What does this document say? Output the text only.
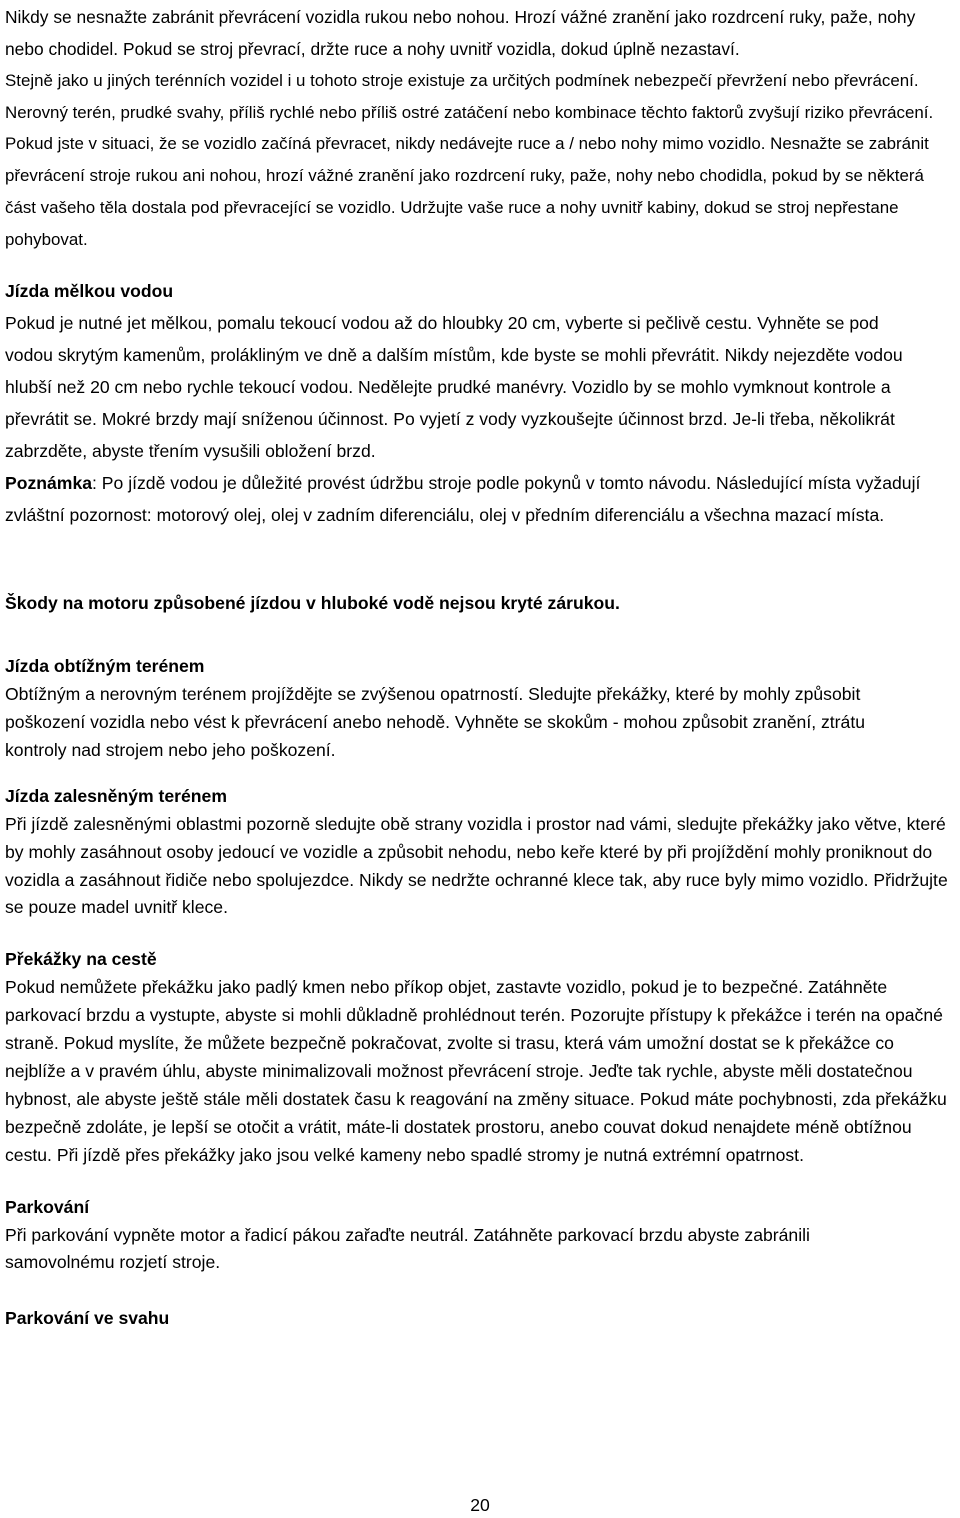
Nikdy se nesnažte zabránit převrácení vozidla rukou nebo nohou. Hrozí vážné zranění jako rozdrcení ruky, paže, nohy nebo chodidel. Pokud se stroj převrací, držte ruce a nohy uvnitř vozidla, dokud úplně nezastaví.

Stejně jako u jiných terénních vozidel i u tohoto stroje existuje za určitých podmínek nebezpečí převržení nebo převrácení. Nerovný terén, prudké svahy, příliš rychlé nebo příliš ostré zatáčení nebo kombinace těchto faktorů zvyšují riziko převrácení. Pokud jste v situaci, že se vozidlo začíná převracet, nikdy nedávejte ruce a / nebo nohy mimo vozidlo. Nesnažte se zabránit převrácení stroje rukou ani nohou, hrozí vážné zranění jako rozdrcení ruky, paže, nohy nebo chodidla, pokud by se některá část vašeho těla dostala pod převracející se vozidlo. Udržujte vaše ruce a nohy uvnitř kabiny, dokud se stroj nepřestane pohybovat.

Jízda mělkou vodou

Pokud je nutné jet mělkou, pomalu tekoucí vodou až do hloubky 20 cm, vyberte si pečlivě cestu. Vyhněte se pod vodou skrytým kamenům, prolákliným ve dně a dalším místům, kde byste se mohli převrátit. Nikdy nejezděte vodou hlubší než 20 cm nebo rychle tekoucí vodou. Nedělejte prudké manévry. Vozidlo by se mohlo vymknout kontrole a převrátit se. Mokré brzdy mají sníženou účinnost. Po vyjetí z vody vyzkoušejte účinnost brzd. Je-li třeba, několikrát zabrzděte, abyste třením vysušili obložení brzd.

Poznámka: Po jízdě vodou je důležité provést údržbu stroje podle pokynů v tomto návodu. Následující místa vyžadují zvláštní pozornost: motorový olej, olej v zadním diferenciálu, olej v předním diferenciálu a všechna mazací místa.

Škody na motoru způsobené jízdou v hluboké vodě nejsou kryté zárukou.

Jízda obtížným terénem

Obtížným a nerovným terénem projíždějte se zvýšenou opatrností. Sledujte překážky, které by mohly způsobit poškození vozidla nebo vést k převrácení anebo nehodě. Vyhněte se skokům - mohou způsobit zranění, ztrátu kontroly nad strojem nebo jeho poškození.

Jízda zalesněným terénem

Při jízdě zalesněnými oblastmi pozorně sledujte obě strany vozidla i prostor nad vámi, sledujte překážky jako větve, které by mohly zasáhnout osoby jedoucí ve vozidle a způsobit nehodu, nebo keře které by při projíždění mohly proniknout do vozidla a zasáhnout řidiče nebo spolujezdce. Nikdy se nedržte ochranné klece tak, aby ruce byly mimo vozidlo. Přidržujte se pouze madel uvnitř klece.

Překážky na cestě

Pokud nemůžete překážku jako padlý kmen nebo příkop objet, zastavte vozidlo, pokud je to bezpečné. Zatáhněte parkovací brzdu a vystupte, abyste si mohli důkladně prohlédnout terén. Pozorujte přístupy k překážce i terén na opačné straně. Pokud myslíte, že můžete bezpečně pokračovat, zvolte si trasu, která vám umožní dostat se k překážce co nejblíže a v pravém úhlu, abyste minimalizovali možnost převrácení stroje. Jeďte tak rychle, abyste měli dostatečnou hybnost, ale abyste ještě stále měli dostatek času k reagování na změny situace. Pokud máte pochybnosti, zda překážku bezpečně zdoláte, je lepší se otočit a vrátit, máte-li dostatek prostoru, anebo couvat dokud nenajdete méně obtížnou cestu. Při jízdě přes překážky jako jsou velké kameny nebo spadlé stromy je nutná extrémní opatrnost.

Parkování

Při parkování vypněte motor a řadicí pákou zařaďte neutrál. Zatáhněte parkovací brzdu abyste zabránili samovolnému rozjetí stroje.

Parkování ve svahu

20
